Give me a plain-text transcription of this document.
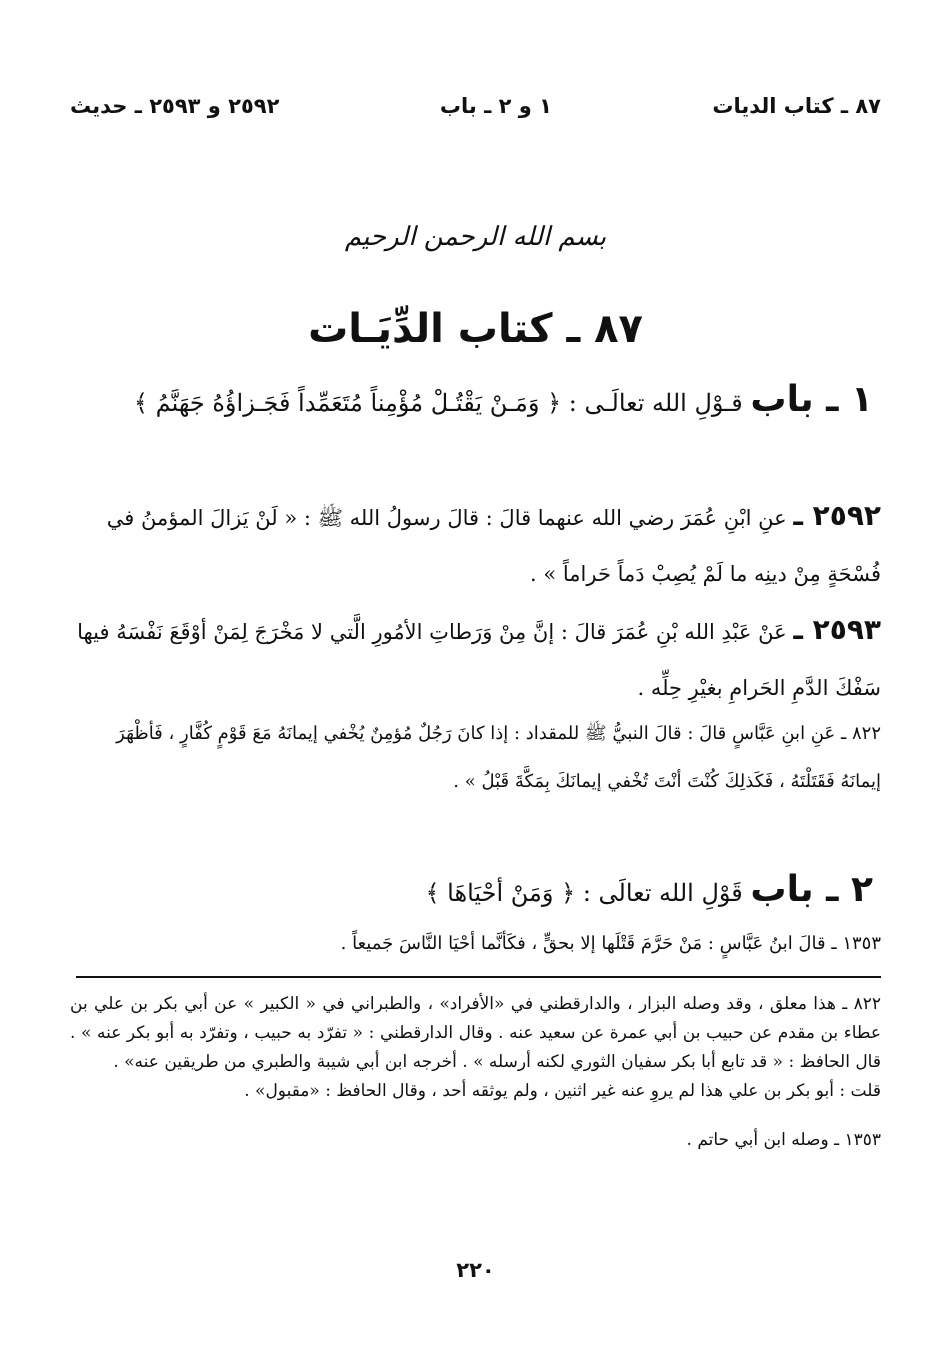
٨٧ ـ كتاب الديات
١ و ٢ ـ باب
٢٥٩٢ و ٢٥٩٣ ـ حديث
بسم الله الرحمن الرحيم
٨٧ ـ كتاب الدِّيَـات
١ ـ باب قـوْلِ الله تعالَـى : ﴿ وَمَـنْ يَقْتُـلْ مُؤْمِناً مُتَعَمِّداً فَجَـزاؤُهُ جَهَنَّمُ ﴾
٢٥٩٢ ـ عنِ ابْنِ عُمَرَ رضي الله عنهما قالَ : قالَ رسولُ الله ﷺ : « لَنْ يَزالَ المؤمنُ في فُسْحَةٍ مِنْ دينِه ما لَمْ يُصِبْ دَماً حَراماً » .
٢٥٩٣ ـ عَنْ عَبْدِ الله بْنِ عُمَرَ قالَ : إنَّ مِنْ وَرَطاتِ الأمُورِ الَّتي لا مَخْرَجَ لِمَنْ أوْقَعَ نَفْسَهُ فيها سَفْكَ الدَّمِ الحَرامِ بغيْرِ حِلِّه .
٨٢٢ ـ عَنِ ابنِ عَبَّاسٍ قالَ : قالَ النبيُّ ﷺ للمقداد : إذا كانَ رَجُلٌ مُؤمِنٌ يُخْفي إيمانَهُ مَعَ قَوْمٍ كُفَّارٍ ، فَأظْهَرَ إيمانَهُ فَقَتَلْتَهُ ، فَكَذلِكَ كُنْتَ أنْتَ تُخْفي إيمانَكَ بِمَكَّةَ قَبْلُ » .
٢ ـ باب قَوْلِ الله تعالَى : ﴿ وَمَنْ أحْيَاهَا ﴾
١٣٥٣ ـ قالَ ابنُ عَبَّاسٍ : مَنْ حَرَّمَ قَتْلَها إلا بحقٍّ ، فكَأنَّما أحْيَا النَّاسَ جَميعاً .

٨٢٢ ـ هذا معلق ، وقد وصله البزار ، والدارقطني في «الأفراد» ، والطبراني في « الكبير » عن أبي بكر بن علي بن عطاء بن مقدم عن حبيب بن أبي عمرة عن سعيد عنه . وقال الدارقطني : « تفرّد به حبيب ، وتفرّد به أبو بكر عنه » . قال الحافظ : « قد تابع أبا بكر سفيان الثوري لكنه أرسله » . أخرجه ابن أبي شيبة والطبري من طريقين عنه» .

قلت : أبو بكر بن علي هذا لم يروِ عنه غير اثنين ، ولم يوثقه أحد ، وقال الحافظ : «مقبول» .

١٣٥٣ ـ وصله ابن أبي حاتم .

٢٢٠
